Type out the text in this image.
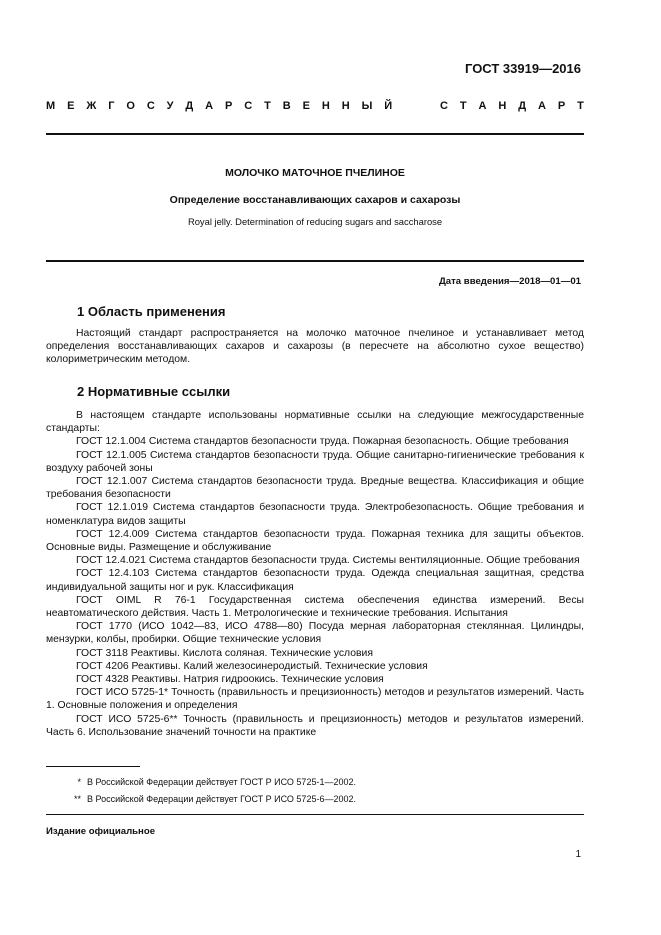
ГОСТ 33919—2016
М Е Ж Г О С У Д А Р С Т В Е Н Н Ы Й	С Т А Н Д А Р Т
МОЛОЧКО МАТОЧНОЕ ПЧЕЛИНОЕ
Определение восстанавливающих сахаров и сахарозы
Royal jelly. Determination of reducing sugars and saccharose
Дата введения—2018—01—01
1 Область применения

Настоящий стандарт распространяется на молочко маточное пчелиное и устанавливает метод определения восстанавливающих сахаров и сахарозы (в пересчете на абсолютно сухое вещество) колориметрическим методом.

2 Нормативные ссылки

В настоящем стандарте использованы нормативные ссылки на следующие межгосударственные стандарты:

ГОСТ 12.1.004 Система стандартов безопасности труда. Пожарная безопасность. Общие требования

ГОСТ 12.1.005 Система стандартов безопасности труда. Общие санитарно-гигиенические требования к воздуху рабочей зоны

ГОСТ 12.1.007 Система стандартов безопасности труда. Вредные вещества. Классификация и общие требования безопасности

ГОСТ 12.1.019 Система стандартов безопасности труда. Электробезопасность. Общие требования и номенклатура видов защиты

ГОСТ 12.4.009 Система стандартов безопасности труда. Пожарная техника для защиты объектов. Основные виды. Размещение и обслуживание

ГОСТ 12.4.021 Система стандартов безопасности труда. Системы вентиляционные. Общие требования

ГОСТ 12.4.103 Система стандартов безопасности труда. Одежда специальная защитная, средства индивидуальной защиты ног и рук. Классификация

ГОСТ OIML R 76-1 Государственная система обеспечения единства измерений. Весы неавтоматического действия. Часть 1. Метрологические и технические требования. Испытания

ГОСТ 1770 (ИСО 1042—83, ИСО 4788—80) Посуда мерная лабораторная стеклянная. Цилиндры, мензурки, колбы, пробирки. Общие технические условия

ГОСТ 3118 Реактивы. Кислота соляная. Технические условия

ГОСТ 4206 Реактивы. Калий железосинеродистый. Технические условия

ГОСТ 4328 Реактивы. Натрия гидроокись. Технические условия

ГОСТ ИСО 5725-1* Точность (правильность и прецизионность) методов и результатов измерений. Часть 1. Основные положения и определения

ГОСТ ИСО 5725-6** Точность (правильность и прецизионность) методов и результатов измерений. Часть 6. Использование значений точности на практике

* В Российской Федерации действует ГОСТ Р ИСО 5725-1—2002.
** В Российской Федерации действует ГОСТ Р ИСО 5725-6—2002.
Издание официальное
1
